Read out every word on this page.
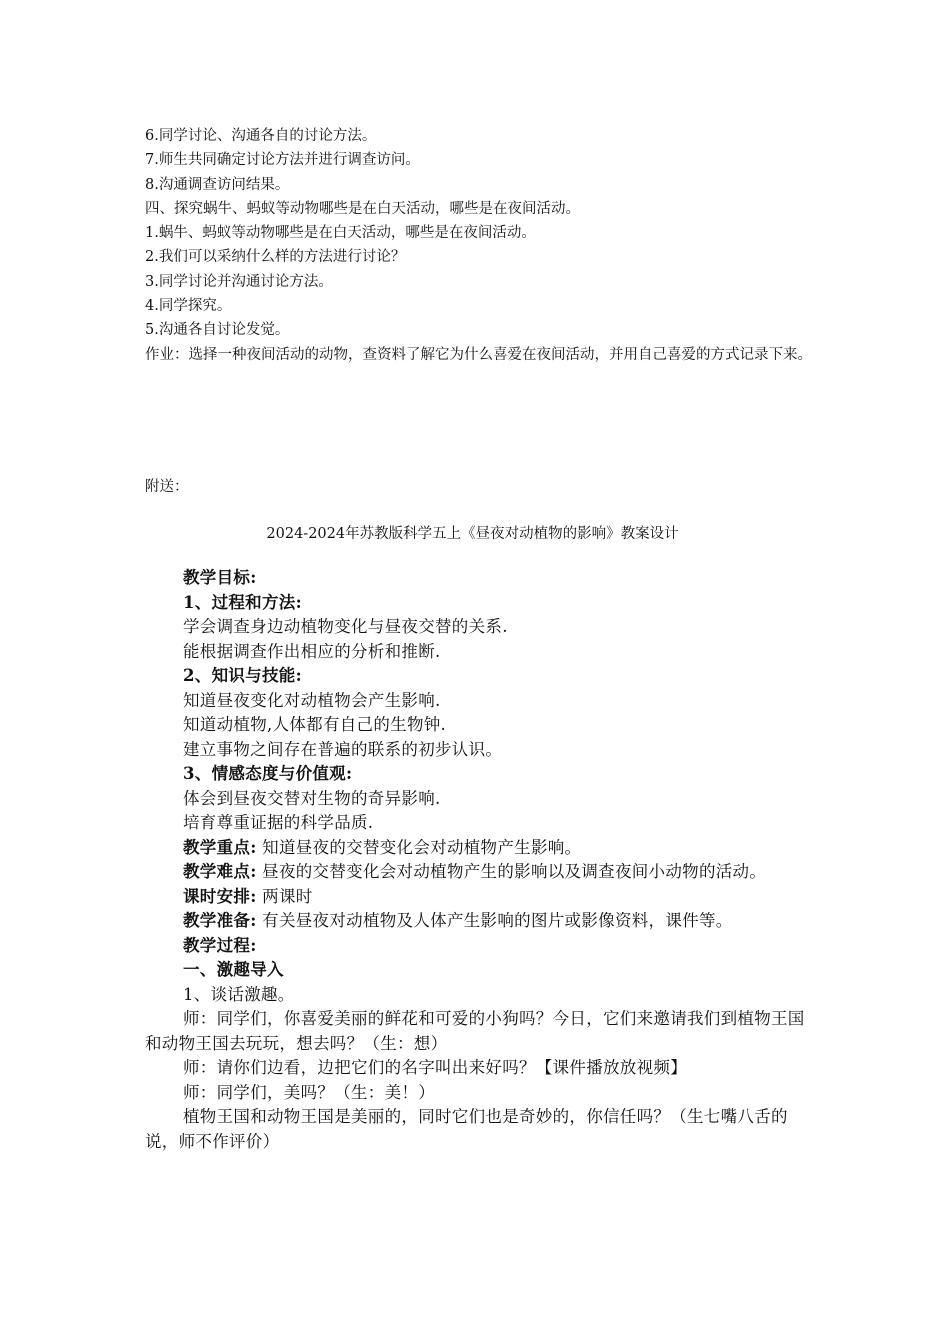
6.同学讨论、沟通各自的讨论方法。

7.师生共同确定讨论方法并进行调查访问。

8.沟通调查访问结果。

四、探究蜗牛、蚂蚁等动物哪些是在白天活动，哪些是在夜间活动。

1.蜗牛、蚂蚁等动物哪些是在白天活动，哪些是在夜间活动。

2.我们可以采纳什么样的方法进行讨论？

3.同学讨论并沟通讨论方法。

4.同学探究。

5.沟通各自讨论发觉。

作业：选择一种夜间活动的动物，查资料了解它为什么喜爱在夜间活动，并用自己喜爱的方式记录下来。

附送：

2024-2024年苏教版科学五上《昼夜对动植物的影响》教案设计

教学目标:

1、过程和方法:

学会调查身边动植物变化与昼夜交替的关系.

能根据调查作出相应的分析和推断.

2、知识与技能:

知道昼夜变化对动植物会产生影响.

知道动植物,人体都有自己的生物钟.

建立事物之间存在普遍的联系的初步认识。

3、情感态度与价值观:

体会到昼夜交替对生物的奇异影响.

培育尊重证据的科学品质.

教学重点: 知道昼夜的交替变化会对动植物产生影响。

教学难点: 昼夜的交替变化会对动植物产生的影响以及调查夜间小动物的活动。

课时安排: 两课时

教学准备: 有关昼夜对动植物及人体产生影响的图片或影像资料，课件等。

教学过程:

一、激趣导入

1、谈话激趣。

师：同学们，你喜爱美丽的鲜花和可爱的小狗吗？今日，它们来邀请我们到植物王国和动物王国去玩玩，想去吗？（生：想）

师：请你们边看，边把它们的名字叫出来好吗？【课件播放放视频】

师：同学们，美吗？（生：美！）

植物王国和动物王国是美丽的，同时它们也是奇妙的，你信任吗？（生七嘴八舌的说，师不作评价）
